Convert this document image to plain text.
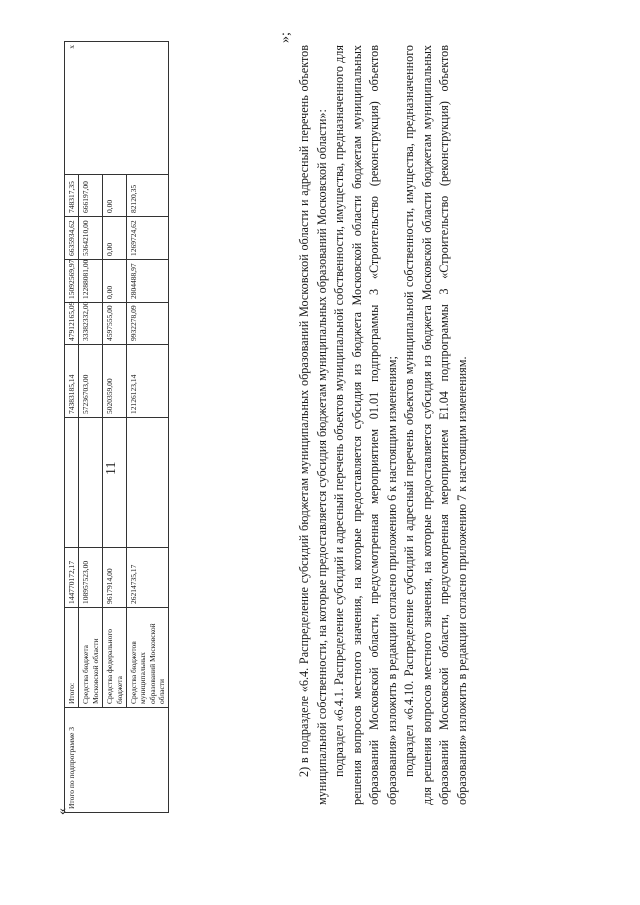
11
«
Итого по подпрограмме 3	Итого:	144770172,17		74383185,14	47912165,09	15092569,97	6635934,62	748317,35	х
	Средства бюджета Московской области	108957523,00		57236703,00	33382332,00	12288081,00	5364210,00	666197,00	
	Средства федерального бюджета	9617914,00		5020359,00	4597555,00	0,00	0,00	0,00	
	Средства бюджетов муниципальных образований Московской области	26214735,17		12126123,14	9932278,09	2804488,97	1269724,62	82120,35	
»;

2) в подразделе «6.4. Распределение субсидий бюджетам муниципальных образований Московской области и адресный перечень объектов муниципальной собственности, на которые предоставляется субсидия бюджетам муниципальных образований Московской области»: подраздел «6.4.1. Распределение субсидий и адресный перечень объектов муниципальной собственности, имущества, предназначенного для решения вопросов местного значения, на которые предоставляется субсидия из бюджета Московской области бюджетам муниципальных образований Московской области, предусмотренная мероприятием 01.01 подпрограммы 3 «Строительство (реконструкция) объектов образования» изложить в редакции согласно приложению 6 к настоящим изменениям; подраздел «6.4.10. Распределение субсидий и адресный перечень объектов муниципальной собственности, имущества, предназначенного для решения вопросов местного значения, на которые предоставляется субсидия из бюджета Московской области бюджетам муниципальных образований Московской области, предусмотренная мероприятием Е1.04 подпрограммы 3 «Строительство (реконструкция) объектов образования» изложить в редакции согласно приложению 7 к настоящим изменениям.
